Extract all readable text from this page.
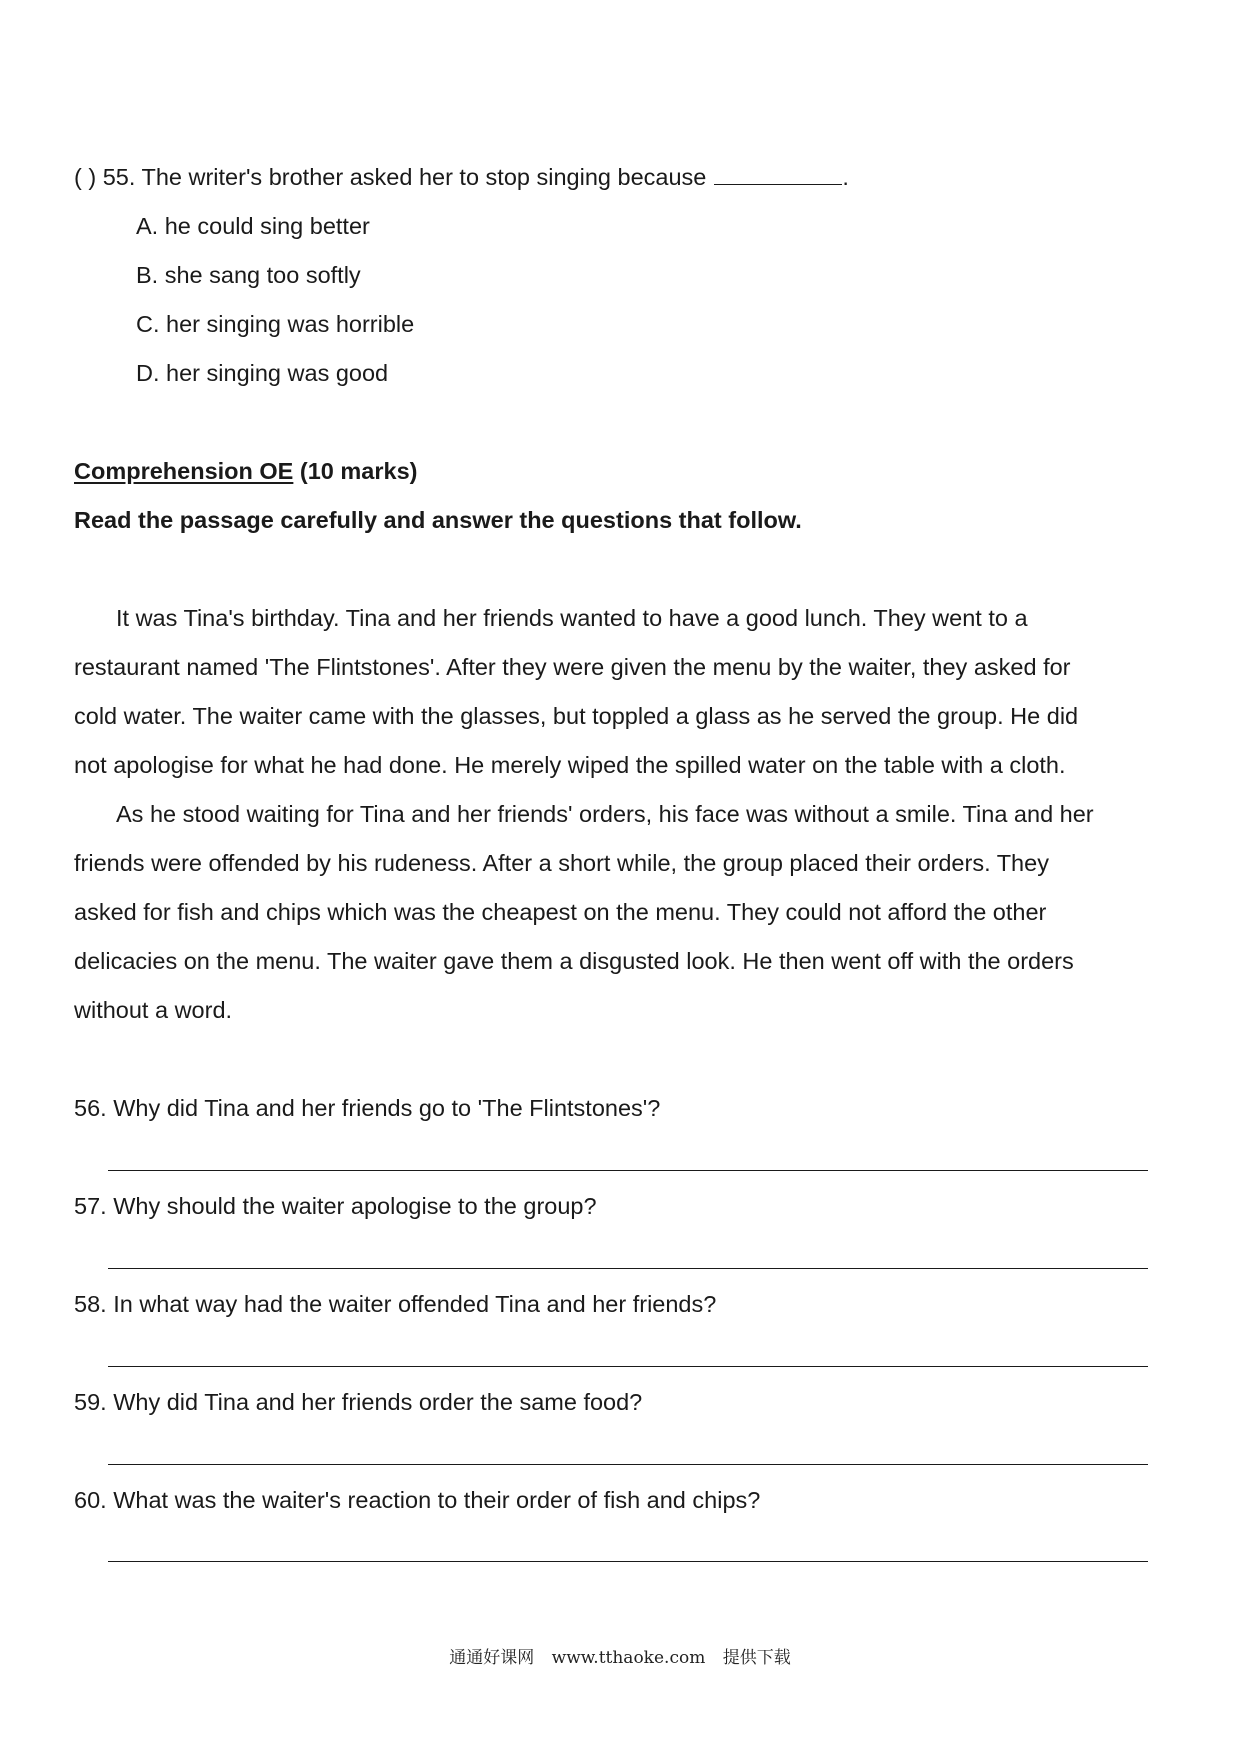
( ) 55. The writer's brother asked her to stop singing because	.
A. he could sing better
B. she sang too softly
C. her singing was horrible
D. her singing was good
Comprehension OE (10 marks)
Read the passage carefully and answer the questions that follow.
It was Tina's birthday. Tina and her friends wanted to have a good lunch. They went to a
restaurant named 'The Flintstones'. After they were given the menu by the waiter, they asked for
cold water. The waiter came with the glasses, but toppled a glass as he served the group. He did
not apologise for what he had done. He merely wiped the spilled water on the table with a cloth.
As he stood waiting for Tina and her friends' orders, his face was without a smile. Tina and her
friends were offended by his rudeness. After a short while, the group placed their orders. They
asked for fish and chips which was the cheapest on the menu. They could not afford the other
delicacies on the menu. The waiter gave them a disgusted look. He then went off with the orders
without a word.
56. Why did Tina and her friends go to 'The Flintstones'?
57. Why should the waiter apologise to the group?
58. In what way had the waiter offended Tina and her friends?
59. Why did Tina and her friends order the same food?
60. What was the waiter's reaction to their order of fish and chips?
通通好课网 www.tthaoke.com 提供下载
